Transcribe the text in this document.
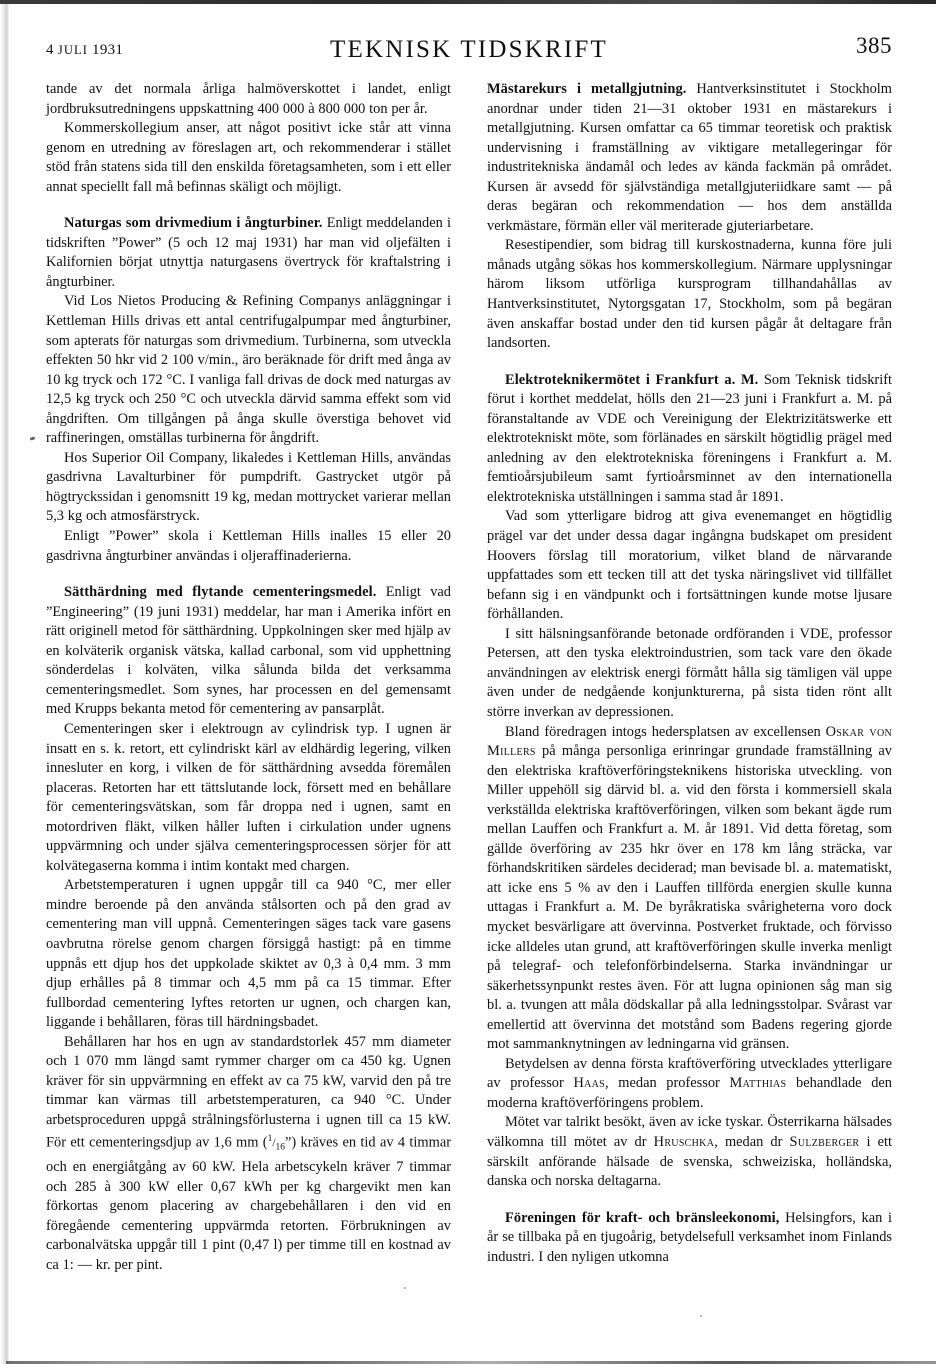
4 JULI 1931	TEKNISK TIDSKRIFT	385

tande av det normala årliga halmöverskottet i landet, enligt jordbruksutredningens uppskattning 400 000 à 800 000 ton per år.

Kommerskollegium anser, att något positivt icke står att vinna genom en utredning av föreslagen art, och rekommenderar i stället stöd från statens sida till den enskilda företagsamheten, som i ett eller annat speciellt fall må befinnas skäligt och möjligt.

Naturgas som drivmedium i ångturbiner. Enligt meddelanden i tidskriften ”Power” (5 och 12 maj 1931) har man vid oljefälten i Kalifornien börjat utnyttja naturgasens övertryck för kraftalstring i ångturbiner.

Vid Los Nietos Producing & Refining Companys anläggningar i Kettleman Hills drivas ett antal centrifugalpumpar med ångturbiner, som apterats för naturgas som drivmedium. Turbinerna, som utveckla effekten 50 hkr vid 2 100 v/min., äro beräknade för drift med ånga av 10 kg tryck och 172 °C. I vanliga fall drivas de dock med naturgas av 12,5 kg tryck och 250 °C och utveckla därvid samma effekt som vid ångdriften. Om tillgången på ånga skulle överstiga behovet vid raffineringen, omställas turbinerna för ångdrift.

Hos Superior Oil Company, likaledes i Kettleman Hills, användas gasdrivna Lavalturbiner för pumpdrift. Gastrycket utgör på högtryckssidan i genomsnitt 19 kg, medan mottrycket varierar mellan 5,3 kg och atmosfärstryck.

Enligt ”Power” skola i Kettleman Hills inalles 15 eller 20 gasdrivna ångturbiner användas i oljeraffinaderierna.

Sätthärdning med flytande cementeringsmedel. Enligt vad ”Engineering” (19 juni 1931) meddelar, har man i Amerika infört en rätt originell metod för sätthärdning. Uppkolningen sker med hjälp av en kolväterik organisk vätska, kallad carbonal, som vid upphettning sönderdelas i kolväten, vilka sålunda bilda det verksamma cementeringsmedlet. Som synes, har processen en del gemensamt med Krupps bekanta metod för cementering av pansarplåt.

Cementeringen sker i elektrougn av cylindrisk typ. I ugnen är insatt en s. k. retort, ett cylindriskt kärl av eldhärdig legering, vilken innesluter en korg, i vilken de för sätthärdning avsedda föremålen placeras. Retorten har ett tättslutande lock, försett med en behållare för cementeringsvätskan, som får droppa ned i ugnen, samt en motordriven fläkt, vilken håller luften i cirkulation under ugnens uppvärmning och under själva cementeringsprocessen sörjer för att kolvätegaserna komma i intim kontakt med chargen.

Arbetstemperaturen i ugnen uppgår till ca 940 °C, mer eller mindre beroende på den använda stålsorten och på den grad av cementering man vill uppnå. Cementeringen säges tack vare gasens oavbrutna rörelse genom chargen försiggå hastigt: på en timme uppnås ett djup hos det uppkolade skiktet av 0,3 à 0,4 mm. 3 mm djup erhålles på 8 timmar och 4,5 mm på ca 15 timmar. Efter fullbordad cementering lyftes retorten ur ugnen, och chargen kan, liggande i behållaren, föras till härdningsbadet.

Behållaren har hos en ugn av standardstorlek 457 mm diameter och 1 070 mm längd samt rymmer charger om ca 450 kg. Ugnen kräver för sin uppvärmning en effekt av ca 75 kW, varvid den på tre timmar kan värmas till arbetstemperaturen, ca 940 °C. Under arbetsproceduren uppgå strålningsförlusterna i ugnen till ca 15 kW. För ett cementeringsdjup av 1,6 mm $(^1/_{16}”)$ kräves en tid av 4 timmar och en energiåtgång av 60 kW. Hela arbetscykeln kräver 7 timmar och 285 à 300 kW eller 0,67 kWh per kg chargevikt men kan förkortas genom placering av chargebehållaren i den vid en föregående cementering uppvärmda retorten. Förbrukningen av carbonalvätska uppgår till 1 pint (0,47 l) per timme till en kostnad av ca 1: — kr. per pint.

Mästarekurs i metallgjutning. Hantverksinstitutet i Stockholm anordnar under tiden 21—31 oktober 1931 en mästarekurs i metallgjutning. Kursen omfattar ca 65 timmar teoretisk och praktisk undervisning i framställning av viktigare metallegeringar för industritekniska ändamål och ledes av kända fackmän på området. Kursen är avsedd för självständiga metallgjuteriidkare samt — på deras begäran och rekommendation — hos dem anställda verkmästare, förmän eller väl meriterade gjuteriarbetare.

Resestipendier, som bidrag till kurskostnaderna, kunna före juli månads utgång sökas hos kommerskollegium. Närmare upplysningar härom liksom utförliga kursprogram tillhandahållas av Hantverksinstitutet, Nytorgsgatan 17, Stockholm, som på begäran även anskaffar bostad under den tid kursen pågår åt deltagare från landsorten.

Elektroteknikermötet i Frankfurt a. M. Som Teknisk tidskrift förut i korthet meddelat, hölls den 21—23 juni i Frankfurt a. M. på föranstaltande av VDE och Vereinigung der Elektrizitätswerke ett elektrotekniskt möte, som förlänades en särskilt högtidlig prägel med anledning av den elektrotekniska föreningens i Frankfurt a. M. femtioårsjubileum samt fyrtioårsminnet av den internationella elektrotekniska utställningen i samma stad år 1891.

Vad som ytterligare bidrog att giva evenemanget en högtidlig prägel var det under dessa dagar ingångna budskapet om president Hoovers förslag till moratorium, vilket bland de närvarande uppfattades som ett tecken till att det tyska näringslivet vid tillfället befann sig i en vändpunkt och i fortsättningen kunde motse ljusare förhållanden.

I sitt hälsningsanförande betonade ordföranden i VDE, professor Petersen, att den tyska elektroindustrien, som tack vare den ökade användningen av elektrisk energi förmått hålla sig tämligen väl uppe även under de nedgående konjunkturerna, på sista tiden rönt allt större inverkan av depressionen.

Bland föredragen intogs hedersplatsen av excellensen Oskar von Millers på många personliga erinringar grundade framställning av den elektriska kraftöverföringsteknikens historiska utveckling. von Miller uppehöll sig därvid bl. a. vid den första i kommersiell skala verkställda elektriska kraftöverföringen, vilken som bekant ägde rum mellan Lauffen och Frankfurt a. M. år 1891. Vid detta företag, som gällde överföring av 235 hkr över en 178 km lång sträcka, var förhandskritiken särdeles deciderad; man bevisade bl. a. matematiskt, att icke ens 5 % av den i Lauffen tillförda energien skulle kunna uttagas i Frankfurt a. M. De byråkratiska svårigheterna voro dock mycket besvärligare att övervinna. Postverket fruktade, och förvisso icke alldeles utan grund, att kraftöverföringen skulle inverka menligt på telegraf- och telefonförbindelserna. Starka invändningar ur säkerhetssynpunkt restes även. För att lugna opinionen såg man sig bl. a. tvungen att måla dödskallar på alla ledningsstolpar. Svårast var emellertid att övervinna det motstånd som Badens regering gjorde mot sammanknytningen av ledningarna vid gränsen.

Betydelsen av denna första kraftöverföring utvecklades ytterligare av professor Haas, medan professor Matthias behandlade den moderna kraftöverföringens problem.

Mötet var talrikt besökt, även av icke tyskar. Österrikarna hälsades välkomna till mötet av dr Hruschka, medan dr Sulzberger i ett särskilt anförande hälsade de svenska, schweiziska, holländska, danska och norska deltagarna.

Föreningen för kraft- och bränsleekonomi, Helsingfors, kan i år se tillbaka på en tjugoårig, betydelsefull verksamhet inom Finlands industri. I den nyligen utkomna
